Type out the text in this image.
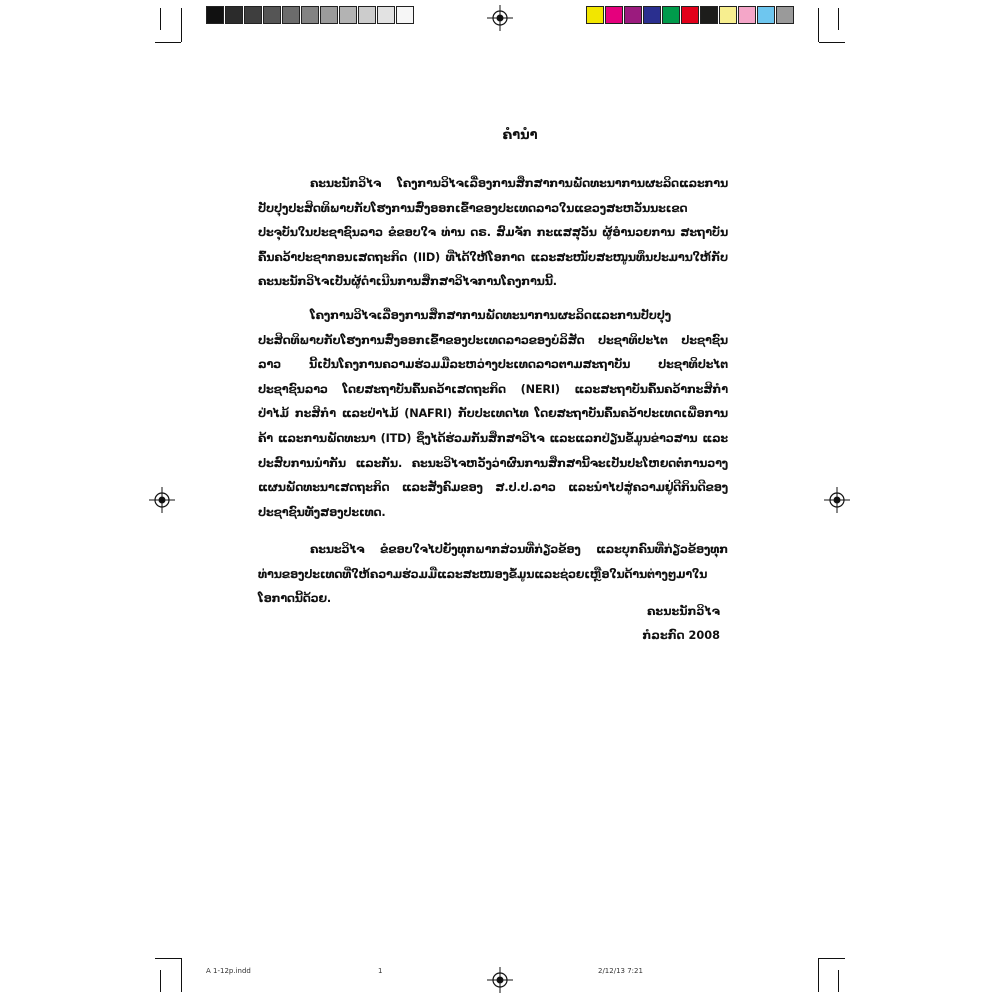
ຄຳນຳ
ຄະນະນັກວິໄຈ ໂຄງການວິໄຈເລື່ອງການສຶກສາການພັດທະນາການຜະລິດແລະການປັບປຸງປະສິດທິພາບກັບໂຮງການສົ່ງອອກເຂົ້າຂອງປະເທດລາວໃນແຂວງສະຫວັນນະເຂດ ປະຈຸບັນໃນປະຊາຊົນລາວ ຂໍຂອບໃຈ ທ່ານ ດຣ. ສົມຈັກ ກະແສສຸວັນ ຜູ້ອຳນວຍການ ສະຖາບັນຄົ້ນຄວ້າປະຊາກອນເສດຖະກິດ (IID) ທີ່ໄດ້ໃຫ້ໂອກາດ ແລະສະໜັບສະໜູນທຶນປະມານໃຫ້ກັບຄະນະນັກວິໄຈເປັນຜູ້ດຳເນີນການສຶກສາວິໄຈການໂຄງການນີ້.
ໂຄງການວິໄຈເລື່ອງການສຶກສາການພັດທະນາການຜະລິດແລະການປັບປຸງປະສິດທິພາບກັບໂຮງການສົ່ງອອກເຂົ້າຂອງປະເທດລາວຂອງບໍລິສັດ ປະຊາທິປະໄຕ ປະຊາຊົນລາວ ນີ້ເປັນໂຄງການຄວາມຮ່ວມມືລະຫວ່າງປະເທດລາວຕາມສະຖາບັນ ປະຊາທິປະໄຕ ປະຊາຊົນລາວ ໂດຍສະຖາບັນຄົ້ນຄວ້າເສດຖະກິດ (NERI) ແລະສະຖາບັນຄົ້ນຄວ້າກະສິກຳ ປ່າໄມ້ ກະສິກຳ ແລະປ່າໄມ້ (NAFRI) ກັບປະເທດໄທ ໂດຍສະຖາບັນຄົ້ນຄວ້າປະເທດເພື່ອການຄ້າ ແລະການພັດທະນາ (ITD) ຊຶ່ງໄດ້ຮ່ວມກັນສຶກສາວິໄຈ ແລະແລກປ່ຽນຂໍ້ມູນຂ່າວສານ ແລະປະສົບການນຳກັນ ແລະກັນ. ຄະນະວິໄຈຫວັງວ່າຜົນການສຶກສານີ້ຈະເປັນປະໂຫຍດຕໍ່ການວາງແຜນພັດທະນາເສດຖະກິດ ແລະສັງຄົມຂອງ ສ.ປ.ປ.ລາວ ແລະນຳໄປສູ່ຄວາມຢູ່ດີກິນດີຂອງປະຊາຊົນທັງສອງປະເທດ.
ຄະນະວິໄຈ ຂໍຂອບໃຈໄປຍັງທຸກພາກສ່ວນທີ່ກ່ຽວຂ້ອງ ແລະບຸກຄົນທີ່ກ່ຽວຂ້ອງທຸກທ່ານຂອງປະເທດທີ່ໃຫ້ຄວາມຮ່ວມມືແລະສະໜອງຂໍ້ມູນແລະຊ່ວຍເຫຼືອໃນດ້ານຕ່າງໆມາໃນໂອກາດນີ້ດ້ວຍ.
ຄະນະນັກວິໄຈ
ກໍລະກົດ 2008
A 1-12p.indd	1	2/12/13 7:21
